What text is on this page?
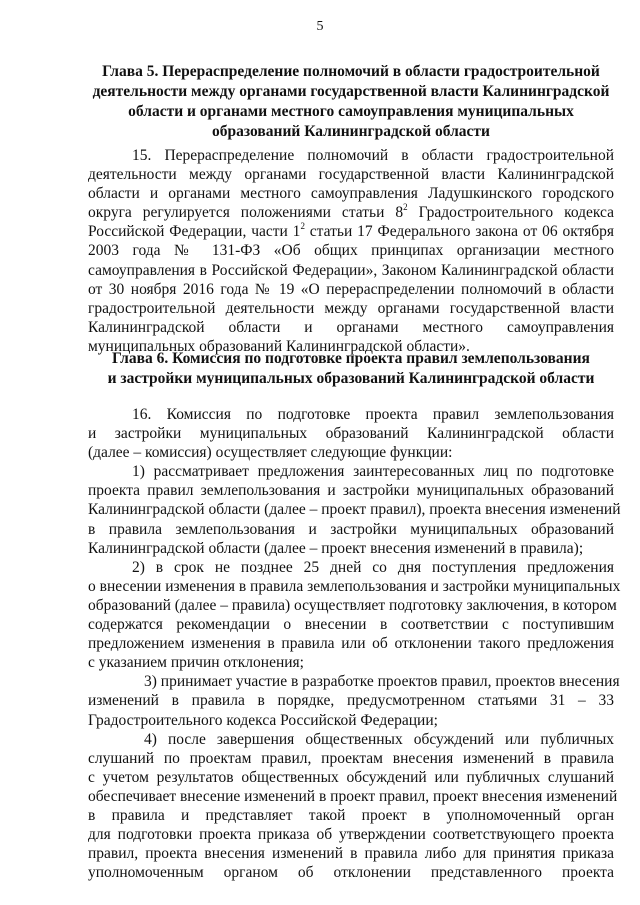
5
Глава 5. Перераспределение полномочий в области градостроительной
деятельности между органами государственной власти Калининградской
области и органами местного самоуправления муниципальных
образований Калининградской области
15. Перераспределение полномочий в области градостроительной
деятельности между органами государственной власти Калининградской
области и органами местного самоуправления Ладушкинского городского
округа регулируется положениями статьи $8^2$ Градостроительного кодекса
Российской Федерации, части $1^2$ статьи 17 Федерального закона от 06 октября
2003 года № 131-ФЗ «Об общих принципах организации местного
самоуправления в Российской Федерации», Законом Калининградской области
от 30 ноября 2016 года № 19 «О перераспределении полномочий в области
градостроительной деятельности между органами государственной власти
Калининградской области и органами местного самоуправления
муниципальных образований Калининградской области».
Глава 6. Комиссия по подготовке проекта правил землепользования
и застройки муниципальных образований Калининградской области
16. Комиссия по подготовке проекта правил землепользования
и застройки муниципальных образований Калининградской области
(далее – комиссия) осуществляет следующие функции:
1) рассматривает предложения заинтересованных лиц по подготовке
проекта правил землепользования и застройки муниципальных образований
Калининградской области (далее – проект правил), проекта внесения изменений
в правила землепользования и застройки муниципальных образований
Калининградской области (далее – проект внесения изменений в правила);
2) в срок не позднее 25 дней со дня поступления предложения
о внесении изменения в правила землепользования и застройки муниципальных
образований (далее – правила) осуществляет подготовку заключения, в котором
содержатся рекомендации о внесении в соответствии с поступившим
предложением изменения в правила или об отклонении такого предложения
с указанием причин отклонения;
3) принимает участие в разработке проектов правил, проектов внесения
изменений в правила в порядке, предусмотренном статьями 31 – 33
Градостроительного кодекса Российской Федерации;
4) после завершения общественных обсуждений или публичных
слушаний по проектам правил, проектам внесения изменений в правила
с учетом результатов общественных обсуждений или публичных слушаний
обеспечивает внесение изменений в проект правил, проект внесения изменений
в правила и представляет такой проект в уполномоченный орган
для подготовки проекта приказа об утверждении соответствующего проекта
правил, проекта внесения изменений в правила либо для принятия приказа
уполномоченным органом об отклонении представленного проекта
